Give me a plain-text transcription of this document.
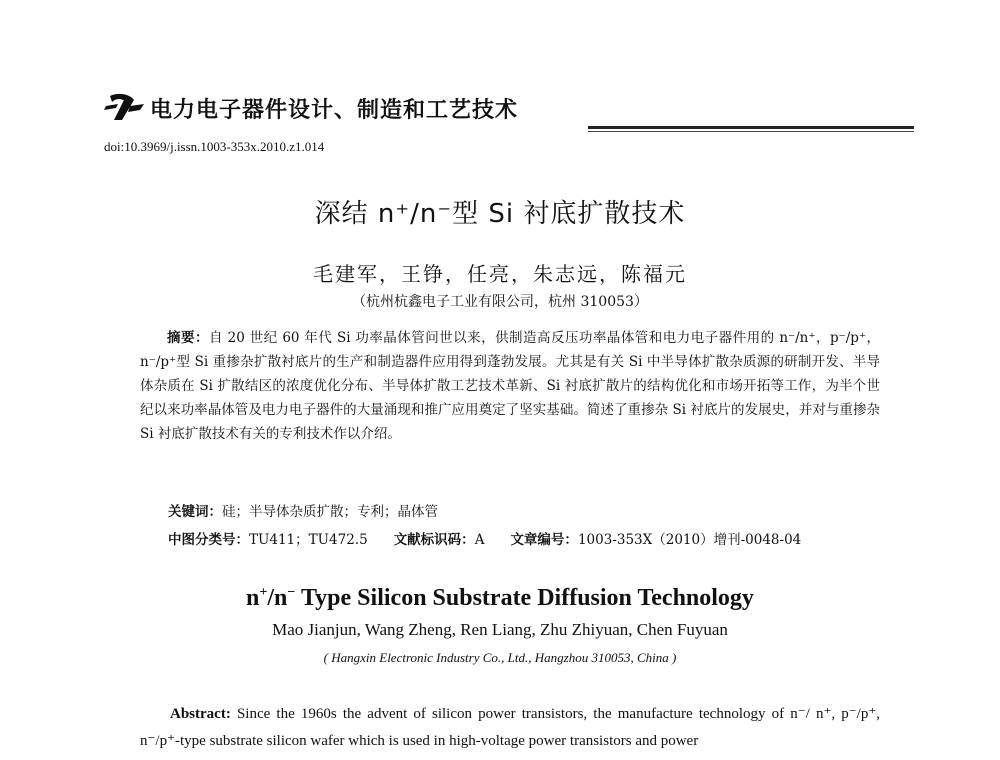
电力电子器件设计、制造和工艺技术
doi:10.3969/j.issn.1003-353x.2010.z1.014
深结 n⁺/n⁻型 Si 衬底扩散技术
毛建军，王铮，任亮，朱志远，陈福元
（杭州杭鑫电子工业有限公司，杭州 310053）
摘要：自 20 世纪 60 年代 Si 功率晶体管问世以来，供制造高反压功率晶体管和电力电子器件用的 n⁻/n⁺，p⁻/p⁺，n⁻/p⁺型 Si 重掺杂扩散衬底片的生产和制造器件应用得到蓬勃发展。尤其是有关 Si 中半导体扩散杂质源的研制开发、半导体杂质在 Si 扩散结区的浓度优化分布、半导体扩散工艺技术革新、Si 衬底扩散片的结构优化和市场开拓等工作，为半个世纪以来功率晶体管及电力电子器件的大量涌现和推广应用奠定了坚实基础。简述了重掺杂 Si 衬底片的发展史，并对与重掺杂 Si 衬底扩散技术有关的专利技术作以介绍。
关键词：硅；半导体杂质扩散；专利；晶体管
中图分类号：TU411；TU472.5 文献标识码：A 文章编号：1003-353X（2010）增刊-0048-04
n+/n− Type Silicon Substrate Diffusion Technology
Mao Jianjun, Wang Zheng, Ren Liang, Zhu Zhiyuan, Chen Fuyuan
( Hangxin Electronic Industry Co., Ltd., Hangzhou 310053, China )
Abstract: Since the 1960s the advent of silicon power transistors, the manufacture technology of n⁻/ n⁺, p⁻/p⁺, n⁻/p⁺-type substrate silicon wafer which is used in high-voltage power transistors and power
